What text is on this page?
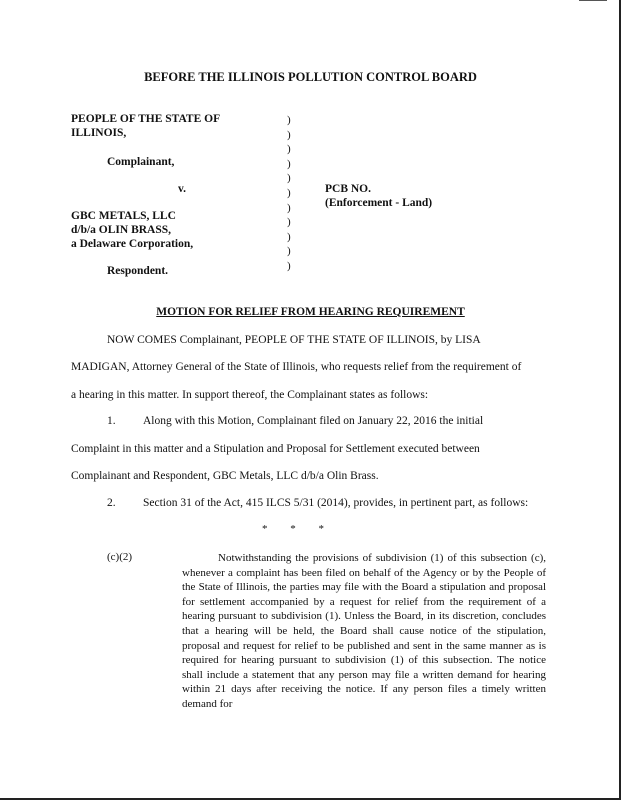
BEFORE THE ILLINOIS POLLUTION CONTROL BOARD
PEOPLE OF THE STATE OF
ILLINOIS,
Complainant,
v.
GBC METALS, LLC
d/b/a OLIN BRASS,
a Delaware Corporation,
Respondent.
)
)
)
)
)
)
)
)
)
)
)
PCB NO.
(Enforcement - Land)
MOTION FOR RELIEF FROM HEARING REQUIREMENT
NOW COMES Complainant, PEOPLE OF THE STATE OF ILLINOIS, by LISA
MADIGAN, Attorney General of the State of Illinois, who requests relief from the requirement of
a hearing in this matter. In support thereof, the Complainant states as follows:
1. Along with this Motion, Complainant filed on January 22, 2016 the initial
Complaint in this matter and a Stipulation and Proposal for Settlement executed between
Complainant and Respondent, GBC Metals, LLC d/b/a Olin Brass.
2. Section 31 of the Act, 415 ILCS 5/31 (2014), provides, in pertinent part, as follows:
* * *
(c)(2)	Notwithstanding the provisions of subdivision (1) of this subsection (c), whenever a complaint has been filed on behalf of the Agency or by the People of the State of Illinois, the parties may file with the Board a stipulation and proposal for settlement accompanied by a request for relief from the requirement of a hearing pursuant to subdivision (1). Unless the Board, in its discretion, concludes that a hearing will be held, the Board shall cause notice of the stipulation, proposal and request for relief to be published and sent in the same manner as is required for hearing pursuant to subdivision (1) of this subsection. The notice shall include a statement that any person may file a written demand for hearing within 21 days after receiving the notice. If any person files a timely written demand for
